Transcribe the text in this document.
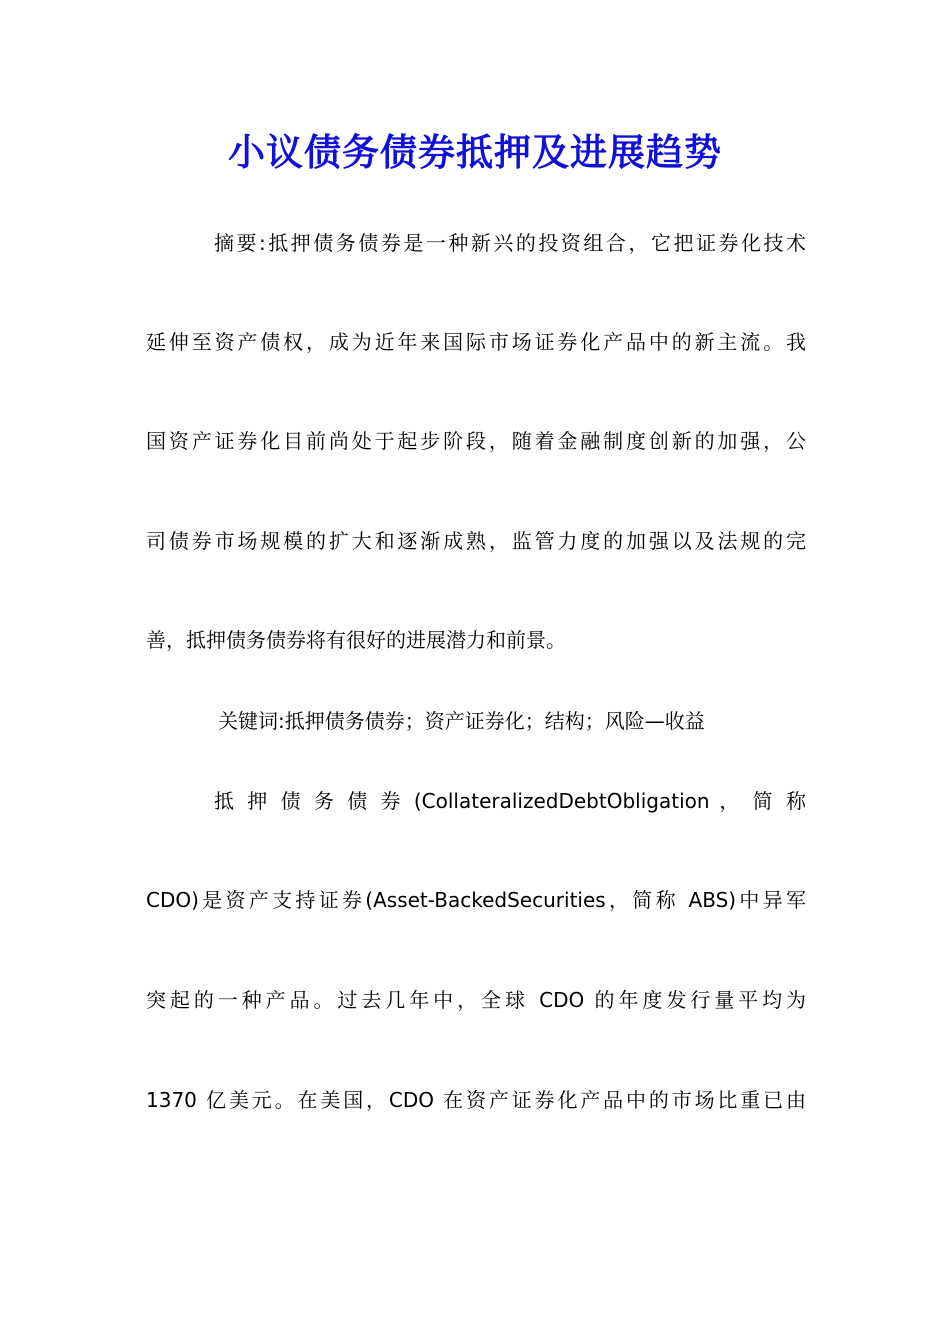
小议债务债券抵押及进展趋势

摘要:抵押债务债券是一种新兴的投资组合，它把证券化技术

延伸至资产债权，成为近年来国际市场证券化产品中的新主流。我

国资产证券化目前尚处于起步阶段，随着金融制度创新的加强，公

司债券市场规模的扩大和逐渐成熟，监管力度的加强以及法规的完

善，抵押债务债券将有很好的进展潜力和前景。

关键词:抵押债务债券；资产证券化；结构；风险—收益

抵 押 债 务 债 券 (CollateralizedDebtObligation ， 简 称

CDO)是资产支持证券(Asset-BackedSecurities，简称 ABS)中异军

突起的一种产品。过去几年中，全球 CDO 的年度发行量平均为

1370 亿美元。在美国，CDO 在资产证券化产品中的市场比重已由
